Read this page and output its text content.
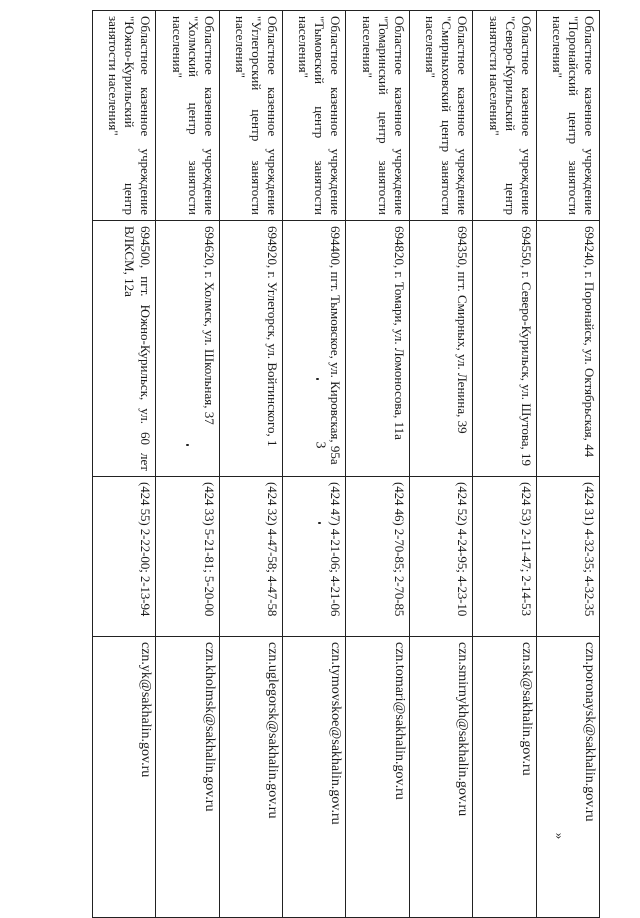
3
Областное казенное учреждение "Поронайский центр занятости населения"	694240, г. Поронайск, ул. Октябрьская, 44	(424 31) 4-32-35; 4-32-35	czn.poronaysk@sakhalin.gov.ru
Областное казенное учреждение "Северо-Курильский центр занятости населения"	694550, г. Северо-Курильск, ул. Шутова, 19	(424 53) 2-11-47; 2-14-53	czn.sk@sakhalin.gov.ru
Областное казенное учреждение "Смирныховский центр занятости населения"	694350, пгт. Смирных, ул. Ленина, 39	(424 52) 4-24-95; 4-23-10	czn.smirnykh@sakhalin.gov.ru
Областное казенное учреждение "Томаринский центр занятости населения"	694820, г. Томари, ул. Ломоносова, 11а	(424 46) 2-70-85; 2-70-85	czn.tomari@sakhalin.gov.ru
Областное казенное учреждение "Тымовский центр занятости населения"	694400, пгт. Тымовское, ул. Кировская, 95а	(424 47) 4-21-06; 4-21-06	czn.tymovskoe@sakhalin.gov.ru
Областное казенное учреждение "Углегорский центр занятости населения"	694920, г. Углегорск, ул. Войтинского, 1	(424 32) 4-47-58; 4-47-58	czn.uglegorsk@sakhalin.gov.ru
Областное казенное учреждение "Холмский центр занятости населения"	694620, г. Холмск, ул. Школьная, 37	(424 33) 5-21-81; 5-20-00	czn.kholmsk@sakhalin.gov.ru
Областное казенное учреждение "Южно-Курильский центр занятости населения"	694500, пгт. Южно-Курильск, ул. 60 лет ВЛКСМ, 12а	(424 55) 2-22-00; 2-13-94	czn.yk@sakhalin.gov.ru
»
